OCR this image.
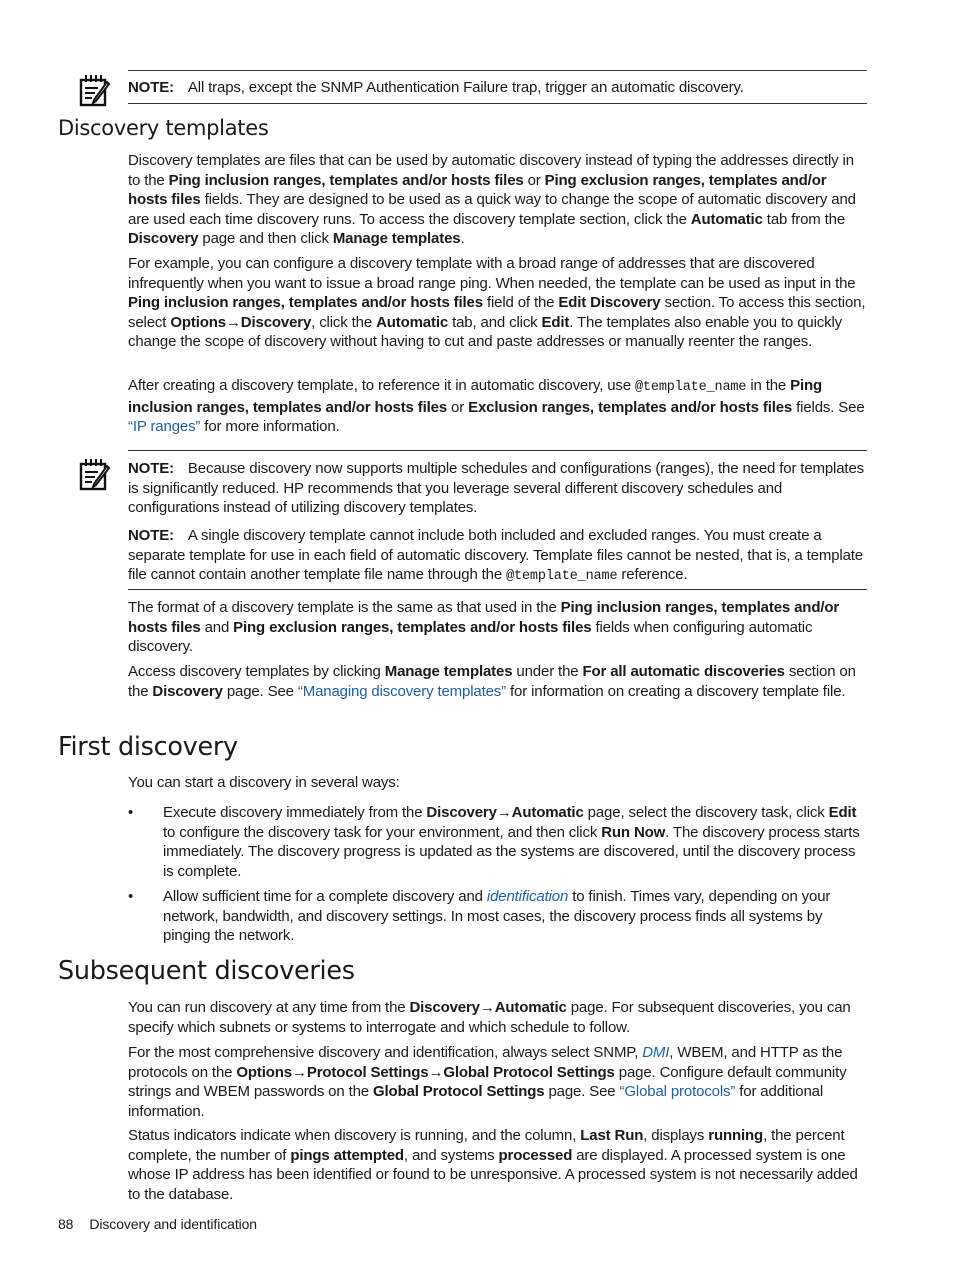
NOTE: All traps, except the SNMP Authentication Failure trap, trigger an automatic discovery.

Discovery templates

Discovery templates are files that can be used by automatic discovery instead of typing the addresses directly in to the Ping inclusion ranges, templates and/or hosts files or Ping exclusion ranges, templates and/or hosts files fields. They are designed to be used as a quick way to change the scope of automatic discovery and are used each time discovery runs. To access the discovery template section, click the Automatic tab from the Discovery page and then click Manage templates.

For example, you can configure a discovery template with a broad range of addresses that are discovered infrequently when you want to issue a broad range ping. When needed, the template can be used as input in the Ping inclusion ranges, templates and/or hosts files field of the Edit Discovery section. To access this section, select Options→Discovery, click the Automatic tab, and click Edit. The templates also enable you to quickly change the scope of discovery without having to cut and paste addresses or manually reenter the ranges.

After creating a discovery template, to reference it in automatic discovery, use @template_name in the Ping inclusion ranges, templates and/or hosts files or Exclusion ranges, templates and/or hosts files fields. See “IP ranges” for more information.

NOTE: Because discovery now supports multiple schedules and configurations (ranges), the need for templates is significantly reduced. HP recommends that you leverage several different discovery schedules and configurations instead of utilizing discovery templates.

NOTE: A single discovery template cannot include both included and excluded ranges. You must create a separate template for use in each field of automatic discovery. Template files cannot be nested, that is, a template file cannot contain another template file name through the @template_name reference.

The format of a discovery template is the same as that used in the Ping inclusion ranges, templates and/or hosts files and Ping exclusion ranges, templates and/or hosts files fields when configuring automatic discovery.

Access discovery templates by clicking Manage templates under the For all automatic discoveries section on the Discovery page. See “Managing discovery templates” for information on creating a discovery template file.

First discovery

You can start a discovery in several ways:

• Execute discovery immediately from the Discovery→Automatic page, select the discovery task, click Edit to configure the discovery task for your environment, and then click Run Now. The discovery process starts immediately. The discovery progress is updated as the systems are discovered, until the discovery process is complete.

• Allow sufficient time for a complete discovery and identification to finish. Times vary, depending on your network, bandwidth, and discovery settings. In most cases, the discovery process finds all systems by pinging the network.

Subsequent discoveries

You can run discovery at any time from the Discovery→Automatic page. For subsequent discoveries, you can specify which subnets or systems to interrogate and which schedule to follow.

For the most comprehensive discovery and identification, always select SNMP, DMI, WBEM, and HTTP as the protocols on the Options→Protocol Settings→Global Protocol Settings page. Configure default community strings and WBEM passwords on the Global Protocol Settings page. See “Global protocols” for additional information.

Status indicators indicate when discovery is running, and the column, Last Run, displays running, the percent complete, the number of pings attempted, and systems processed are displayed. A processed system is one whose IP address has been identified or found to be unresponsive. A processed system is not necessarily added to the database.

88 Discovery and identification
